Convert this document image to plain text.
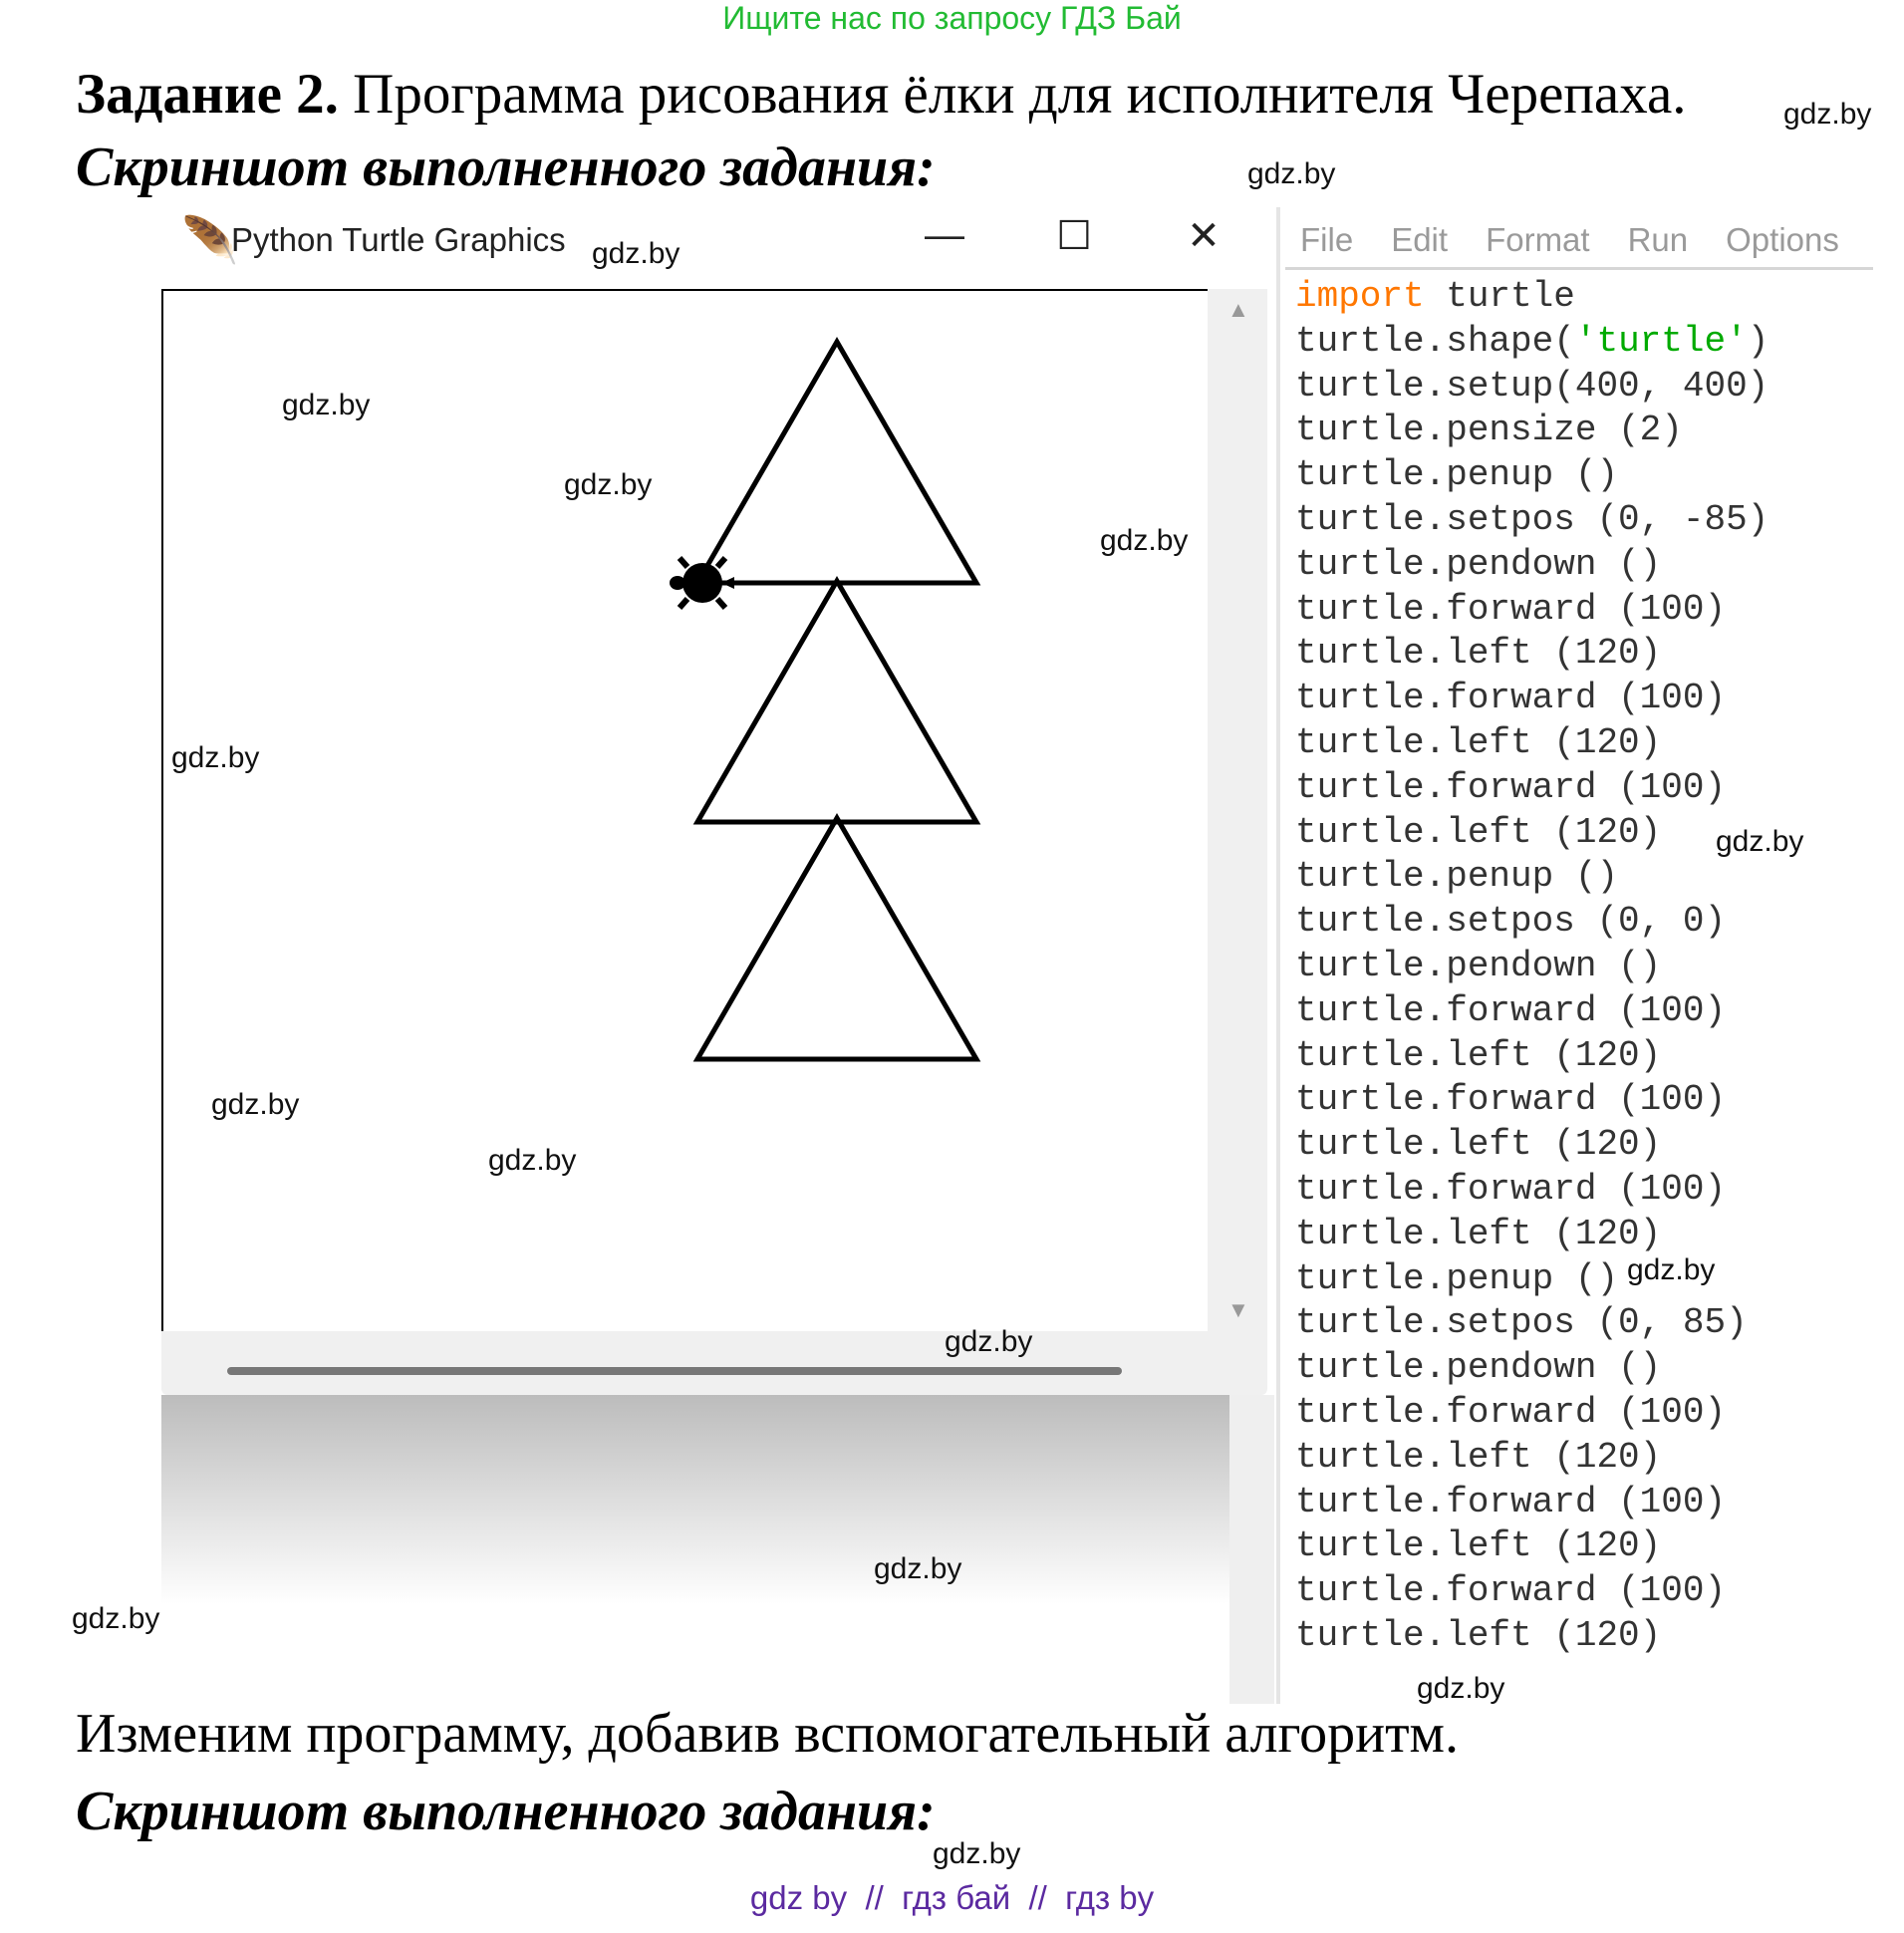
Ищите нас по запросу ГДЗ Бай
Задание 2. Программа рисования ёлки для исполнителя Черепаха.
Скриншот выполненного задания:
🪶
Python Turtle Graphics	—	☐	✕
▲
▼
File Edit Format Run Options
import turtle
turtle.shape('turtle')
turtle.setup(400, 400)
turtle.pensize (2)
turtle.penup ()
turtle.setpos (0, -85)
turtle.pendown ()
turtle.forward (100)
turtle.left (120)
turtle.forward (100)
turtle.left (120)
turtle.forward (100)
turtle.left (120)
turtle.penup ()
turtle.setpos (0, 0)
turtle.pendown ()
turtle.forward (100)
turtle.left (120)
turtle.forward (100)
turtle.left (120)
turtle.forward (100)
turtle.left (120)
turtle.penup ()
turtle.setpos (0, 85)
turtle.pendown ()
turtle.forward (100)
turtle.left (120)
turtle.forward (100)
turtle.left (120)
turtle.forward (100)
turtle.left (120)
Изменим программу, добавив вспомогательный алгоритм.
Скриншот выполненного задания:
gdz.by
gdz.by
gdz.by
gdz.by
gdz.by
gdz.by
gdz.by
gdz.by
gdz.by
gdz.by
gdz.by
gdz.by
gdz.by
gdz.by
gdz.by
gdz.by
gdz by  //  гдз бай  //  гдз by
